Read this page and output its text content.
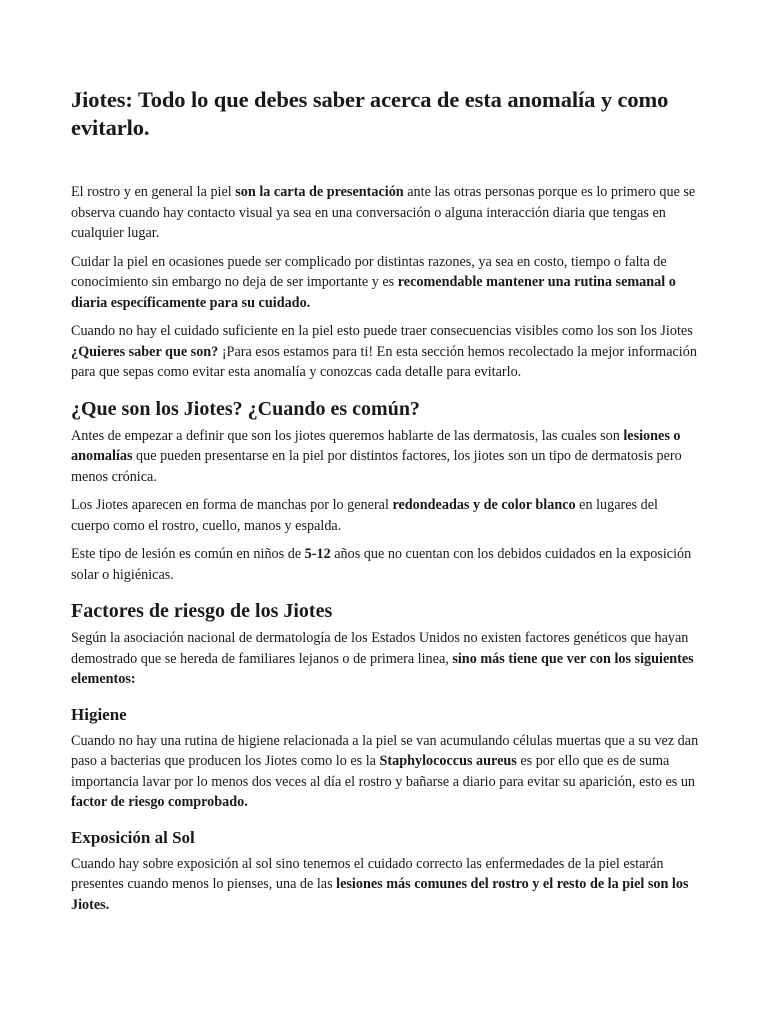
Jiotes: Todo lo que debes saber acerca de esta anomalía y como evitarlo.

El rostro y en general la piel son la carta de presentación ante las otras personas porque es lo primero que se observa cuando hay contacto visual ya sea en una conversación o alguna interacción diaria que tengas en cualquier lugar.

Cuidar la piel en ocasiones puede ser complicado por distintas razones, ya sea en costo, tiempo o falta de conocimiento sin embargo no deja de ser importante y es recomendable mantener una rutina semanal o diaria específicamente para su cuidado.

Cuando no hay el cuidado suficiente en la piel esto puede traer consecuencias visibles como los son los Jiotes ¿Quieres saber que son? ¡Para esos estamos para ti! En esta sección hemos recolectado la mejor información para que sepas como evitar esta anomalía y conozcas cada detalle para evitarlo.

¿Que son los Jiotes? ¿Cuando es común?

Antes de empezar a definir que son los jiotes queremos hablarte de las dermatosis, las cuales son lesiones o anomalías que pueden presentarse en la piel por distintos factores, los jiotes son un tipo de dermatosis pero menos crónica.

Los Jiotes aparecen en forma de manchas por lo general redondeadas y de color blanco en lugares del cuerpo como el rostro, cuello, manos y espalda.

Este tipo de lesión es común en niños de 5-12 años que no cuentan con los debidos cuidados en la exposición solar o higiénicas.

Factores de riesgo de los Jiotes

Según la asociación nacional de dermatología de los Estados Unidos no existen factores genéticos que hayan demostrado que se hereda de familiares lejanos o de primera linea, sino más tiene que ver con los siguientes elementos:

Higiene

Cuando no hay una rutina de higiene relacionada a la piel se van acumulando células muertas que a su vez dan paso a bacterias que producen los Jiotes como lo es la Staphylococcus aureus es por ello que es de suma importancia lavar por lo menos dos veces al día el rostro y bañarse a diario para evitar su aparición, esto es un factor de riesgo comprobado.

Exposición al Sol

Cuando hay sobre exposición al sol sino tenemos el cuidado correcto las enfermedades de la piel estarán presentes cuando menos lo pienses, una de las lesiones más comunes del rostro y el resto de la piel son los Jiotes.
